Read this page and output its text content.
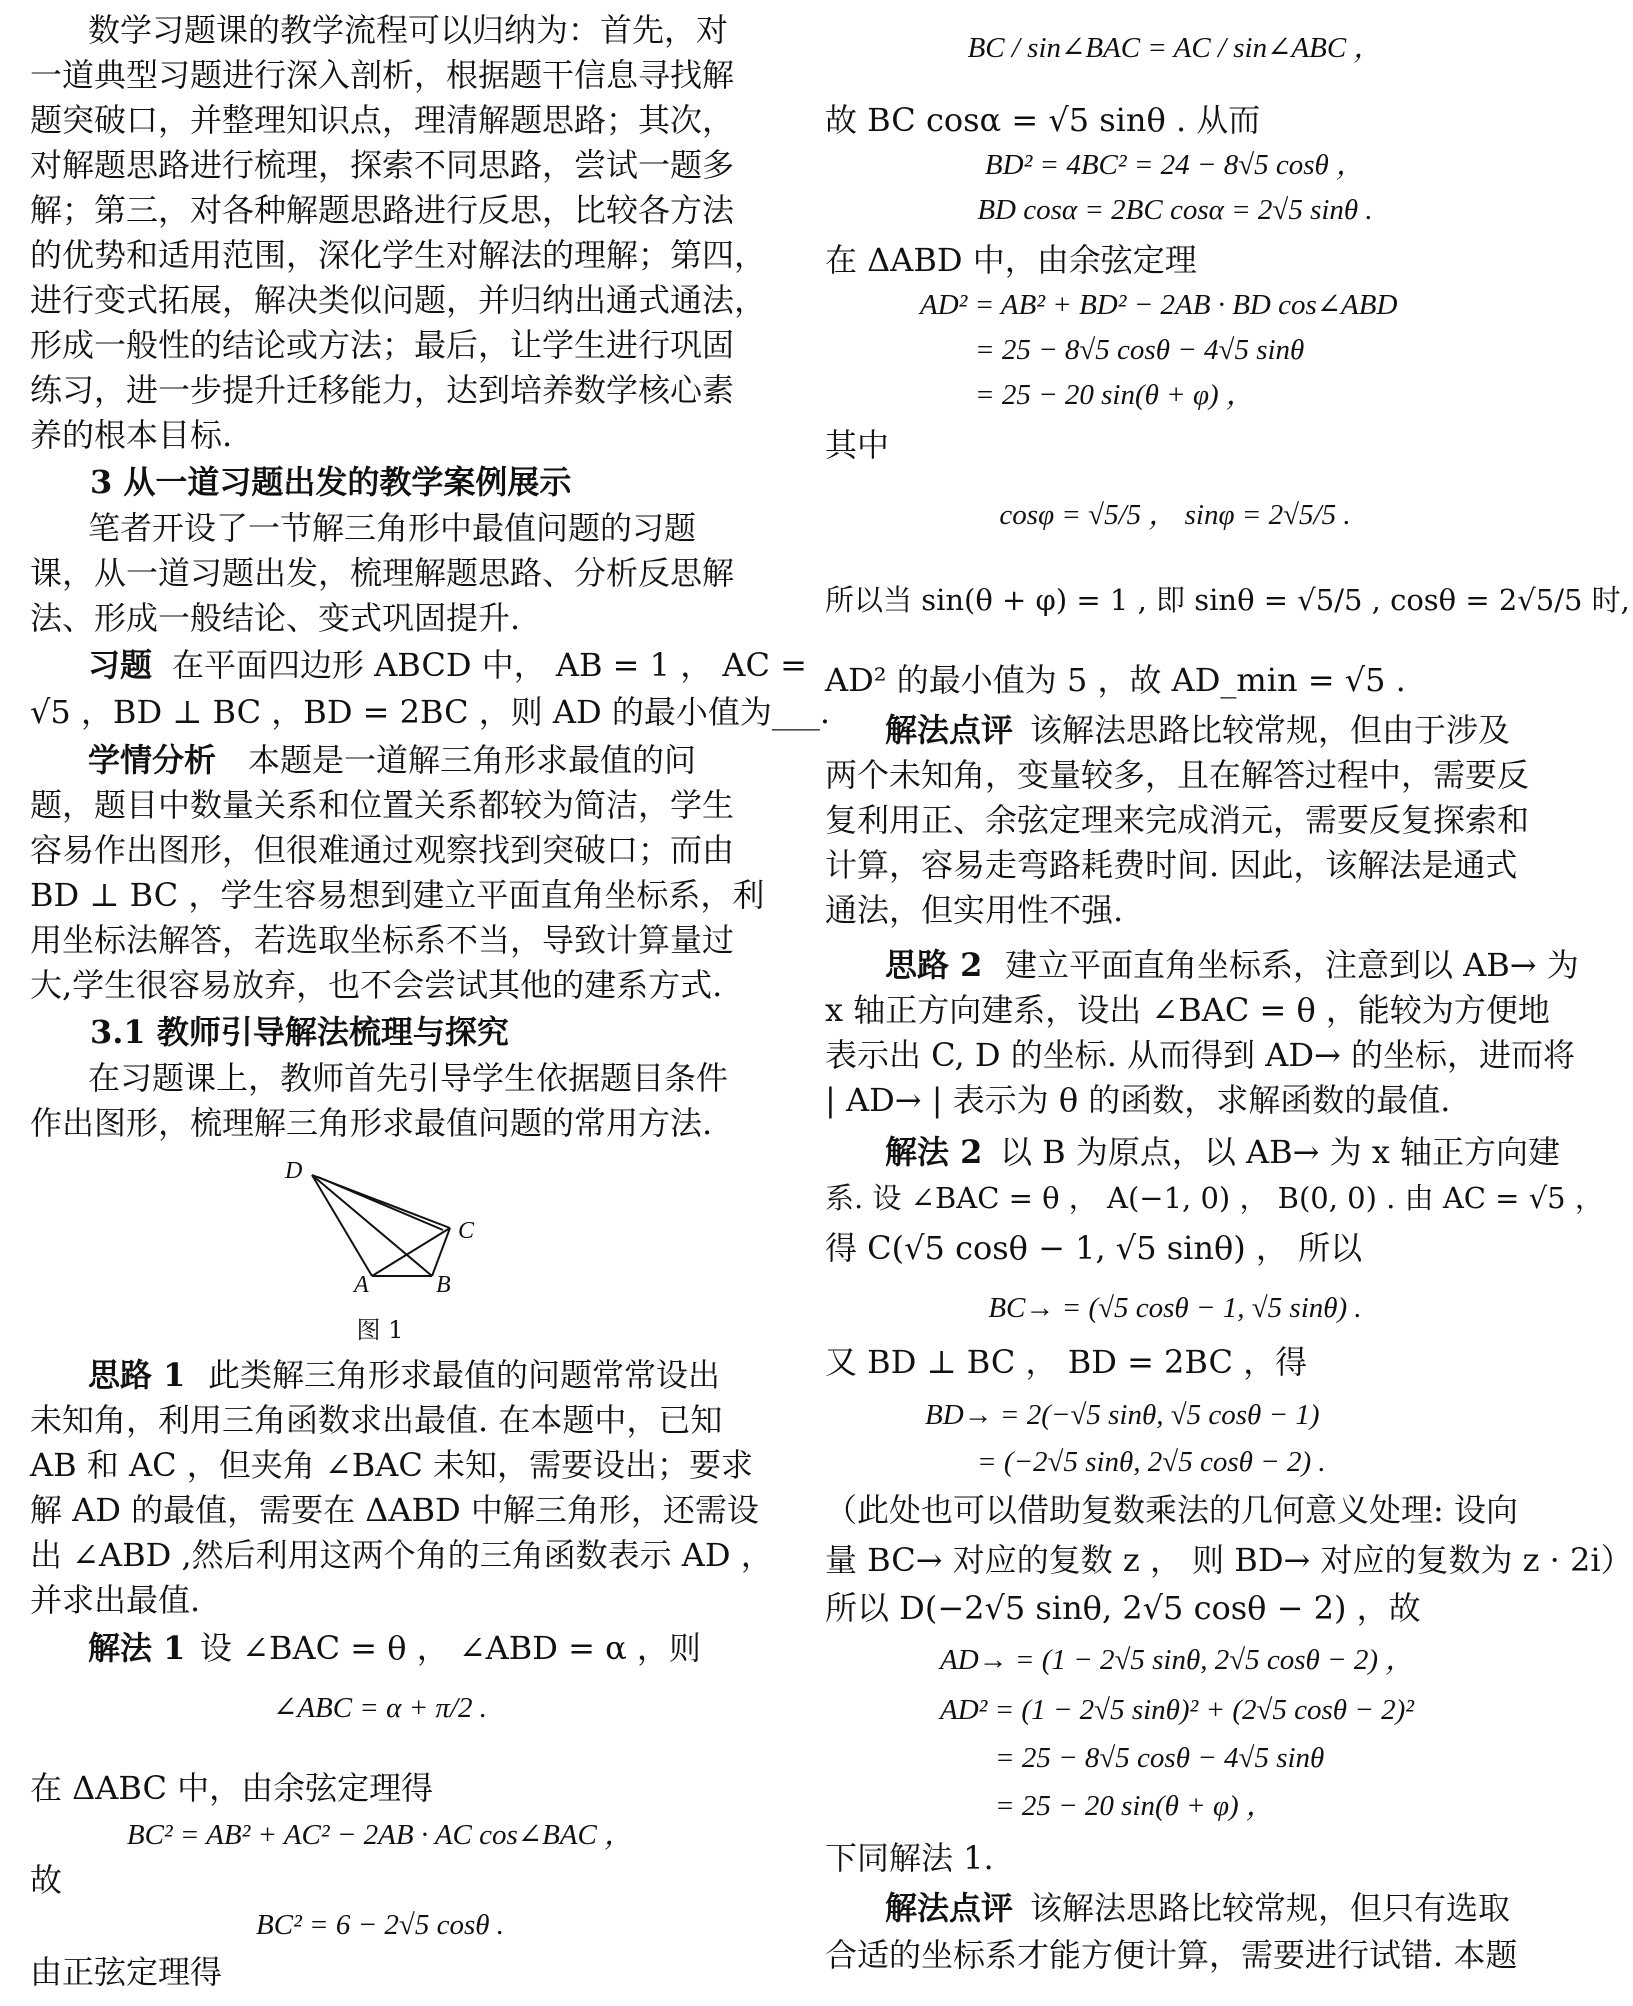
数学习题课的教学流程可以归纳为：首先，对
一道典型习题进行深入剖析，根据题干信息寻找解
题突破口，并整理知识点，理清解题思路；其次，
对解题思路进行梳理，探索不同思路，尝试一题多
解；第三，对各种解题思路进行反思，比较各方法
的优势和适用范围，深化学生对解法的理解；第四，
进行变式拓展，解决类似问题，并归纳出通式通法，
形成一般性的结论或方法；最后，让学生进行巩固
练习，进一步提升迁移能力，达到培养数学核心素
养的根本目标.
3 从一道习题出发的教学案例展示
笔者开设了一节解三角形中最值问题的习题
课，从一道习题出发，梳理解题思路、分析反思解
法、形成一般结论、变式巩固提升.
习题 在平面四边形 ABCD 中， AB = 1 ， AC =
√5 ，BD ⊥ BC ，BD = 2BC ，则 AD 的最小值为___.
学情分析 本题是一道解三角形求最值的问
题，题目中数量关系和位置关系都较为简洁，学生
容易作出图形，但很难通过观察找到突破口；而由
BD ⊥ BC ，学生容易想到建立平面直角坐标系，利
用坐标法解答，若选取坐标系不当，导致计算量过
大,学生很容易放弃，也不会尝试其他的建系方式.
3.1 教师引导解法梳理与探究
在习题课上，教师首先引导学生依据题目条件
作出图形，梳理解三角形求最值问题的常用方法.
D
C
A	B
图 1
思路 1 此类解三角形求最值的问题常常设出
未知角，利用三角函数求出最值. 在本题中，已知
AB 和 AC ，但夹角 ∠BAC 未知，需要设出；要求
解 AD 的最值，需要在 ΔABD 中解三角形，还需设
出 ∠ABD ,然后利用这两个角的三角函数表示 AD ，
并求出最值.
解法 1 设 ∠BAC = θ ， ∠ABD = α ，则
∠ABC = α + π/2 .
在 ΔABC 中，由余弦定理得
BC² = AB² + AC² − 2AB · AC cos∠BAC ，
故
BC² = 6 − 2√5 cosθ .
由正弦定理得
BC / sin∠BAC = AC / sin∠ABC ，
故 BC cosα = √5 sinθ . 从而
BD² = 4BC² = 24 − 8√5 cosθ ，
BD cosα = 2BC cosα = 2√5 sinθ .
在 ΔABD 中，由余弦定理
AD² = AB² + BD² − 2AB · BD cos∠ABD
= 25 − 8√5 cosθ − 4√5 sinθ
= 25 − 20 sin(θ + φ) ，
其中
cosφ = √5/5 ， sinφ = 2√5/5 .
所以当 sin(θ + φ) = 1 , 即 sinθ = √5/5 , cosθ = 2√5/5 时,
AD² 的最小值为 5 ，故 AD_min = √5 .
解法点评 该解法思路比较常规，但由于涉及
两个未知角，变量较多，且在解答过程中，需要反
复利用正、余弦定理来完成消元，需要反复探索和
计算，容易走弯路耗费时间. 因此，该解法是通式
通法，但实用性不强.
思路 2 建立平面直角坐标系，注意到以 AB→ 为
x 轴正方向建系，设出 ∠BAC = θ ，能较为方便地
表示出 C, D 的坐标. 从而得到 AD→ 的坐标，进而将
| AD→ | 表示为 θ 的函数，求解函数的最值.
解法 2 以 B 为原点，以 AB→ 为 x 轴正方向建
系. 设 ∠BAC = θ ， A(−1, 0) ， B(0, 0) . 由 AC = √5 ，
得 C(√5 cosθ − 1, √5 sinθ) ， 所以
BC→ = (√5 cosθ − 1, √5 sinθ) .
又 BD ⊥ BC ， BD = 2BC ，得
BD→ = 2(−√5 sinθ, √5 cosθ − 1)
= (−2√5 sinθ, 2√5 cosθ − 2) .
（此处也可以借助复数乘法的几何意义处理: 设向
量 BC→ 对应的复数 z ， 则 BD→ 对应的复数为 z · 2i）
所以 D(−2√5 sinθ, 2√5 cosθ − 2) ，故
AD→ = (1 − 2√5 sinθ, 2√5 cosθ − 2) ，
AD² = (1 − 2√5 sinθ)² + (2√5 cosθ − 2)²
= 25 − 8√5 cosθ − 4√5 sinθ
= 25 − 20 sin(θ + φ) ，
下同解法 1.
解法点评 该解法思路比较常规，但只有选取
合适的坐标系才能方便计算，需要进行试错. 本题
